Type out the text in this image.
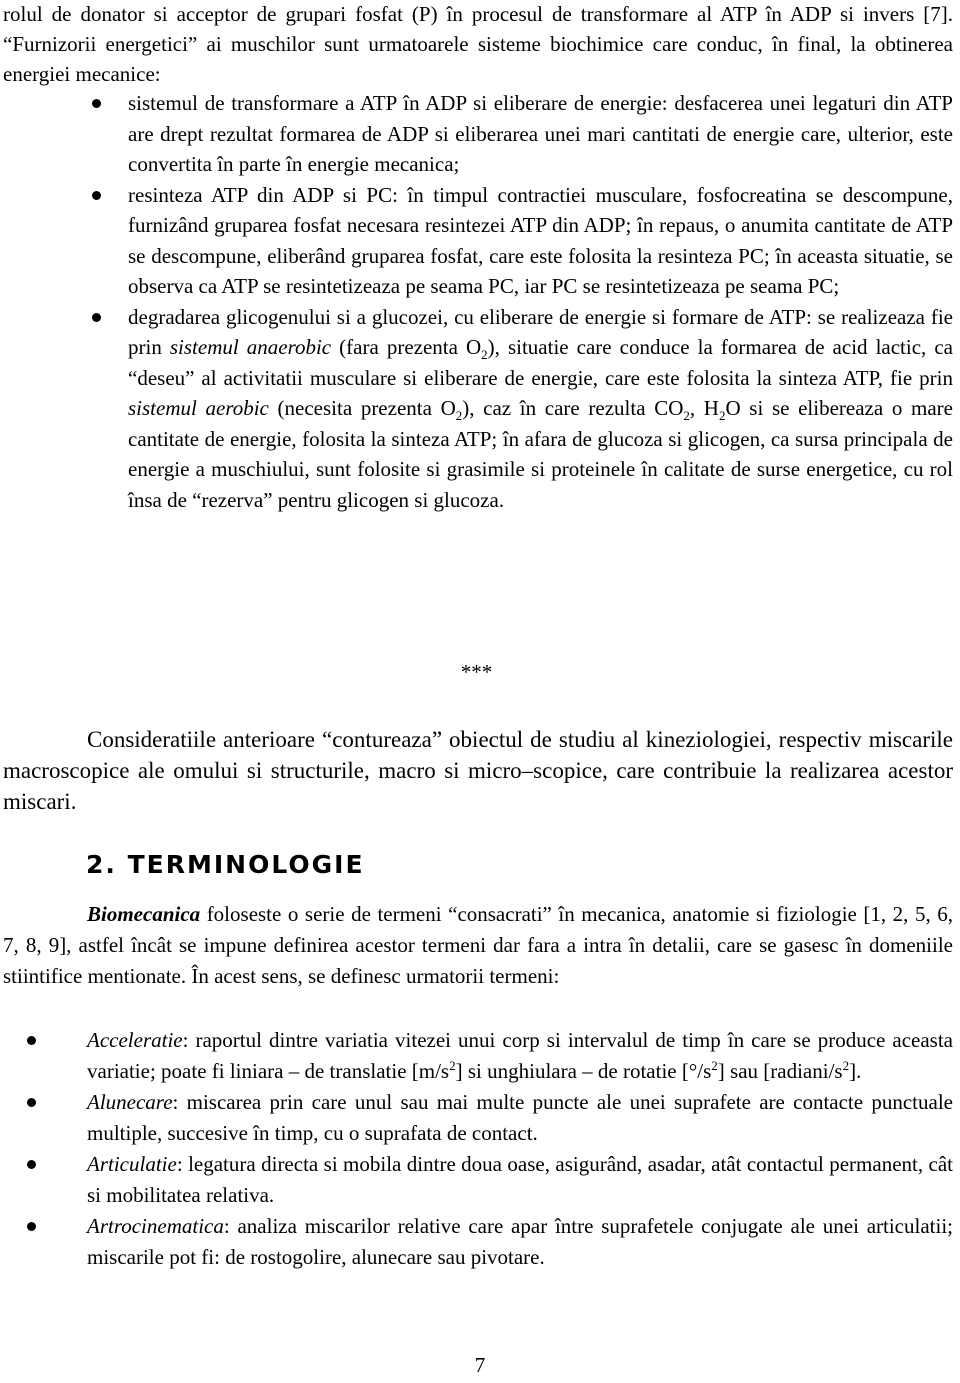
rolul de donator si acceptor de grupari fosfat (P) în procesul de transformare al ATP în ADP si invers [7]. “Furnizorii energetici” ai muschilor sunt urmatoarele sisteme biochimice care conduc, în final, la obtinerea energiei mecanice:

sistemul de transformare a ATP în ADP si eliberare de energie: desfacerea unei legaturi din ATP are drept rezultat formarea de ADP si eliberarea unei mari cantitati de energie care, ulterior, este convertita în parte în energie mecanica;
resinteza ATP din ADP si PC: în timpul contractiei musculare, fosfocreatina se descompune, furnizând gruparea fosfat necesara resintezei ATP din ADP; în repaus, o anumita cantitate de ATP se descompune, eliberând gruparea fosfat, care este folosita la resinteza PC; în aceasta situatie, se observa ca ATP se resintetizeaza pe seama PC, iar PC se resintetizeaza pe seama PC;
degradarea glicogenului si a glucozei, cu eliberare de energie si formare de ATP: se realizeaza fie prin sistemul anaerobic (fara prezenta $O_2$), situatie care conduce la formarea de acid lactic, ca “deseu” al activitatii musculare si eliberare de energie, care este folosita la sinteza ATP, fie prin sistemul aerobic (necesita prezenta $O_2$), caz în care rezulta $CO_2$, $H_2O$ si se elibereaza o mare cantitate de energie, folosita la sinteza ATP; în afara de glucoza si glicogen, ca sursa principala de energie a muschiului, sunt folosite si grasimile si proteinele în calitate de surse energetice, cu rol însa de “rezerva” pentru glicogen si glucoza.
***

Consideratiile anterioare “contureaza” obiectul de studiu al kineziologiei, respectiv miscarile macroscopice ale omului si structurile, macro si micro–scopice, care contribuie la realizarea acestor miscari.

2. TERMINOLOGIE

Biomecanica foloseste o serie de termeni “consacrati” în mecanica, anatomie si fiziologie [1, 2, 5, 6, 7, 8, 9], astfel încât se impune definirea acestor termeni dar fara a intra în detalii, care se gasesc în domeniile stiintifice mentionate. În acest sens, se definesc urmatorii termeni:

Acceleratie: raportul dintre variatia vitezei unui corp si intervalul de timp în care se produce aceasta variatie; poate fi liniara – de translatie $[m/s^2]$ si unghiulara – de rotatie $[^\circ/s^2]$ sau $[radiani/s^2]$.
Alunecare: miscarea prin care unul sau mai multe puncte ale unei suprafete are contacte punctuale multiple, succesive în timp, cu o suprafata de contact.
Articulatie: legatura directa si mobila dintre doua oase, asigurând, asadar, atât contactul permanent, cât si mobilitatea relativa.
Artrocinematica: analiza miscarilor relative care apar între suprafetele conjugate ale unei articulatii; miscarile pot fi: de rostogolire, alunecare sau pivotare.
7
